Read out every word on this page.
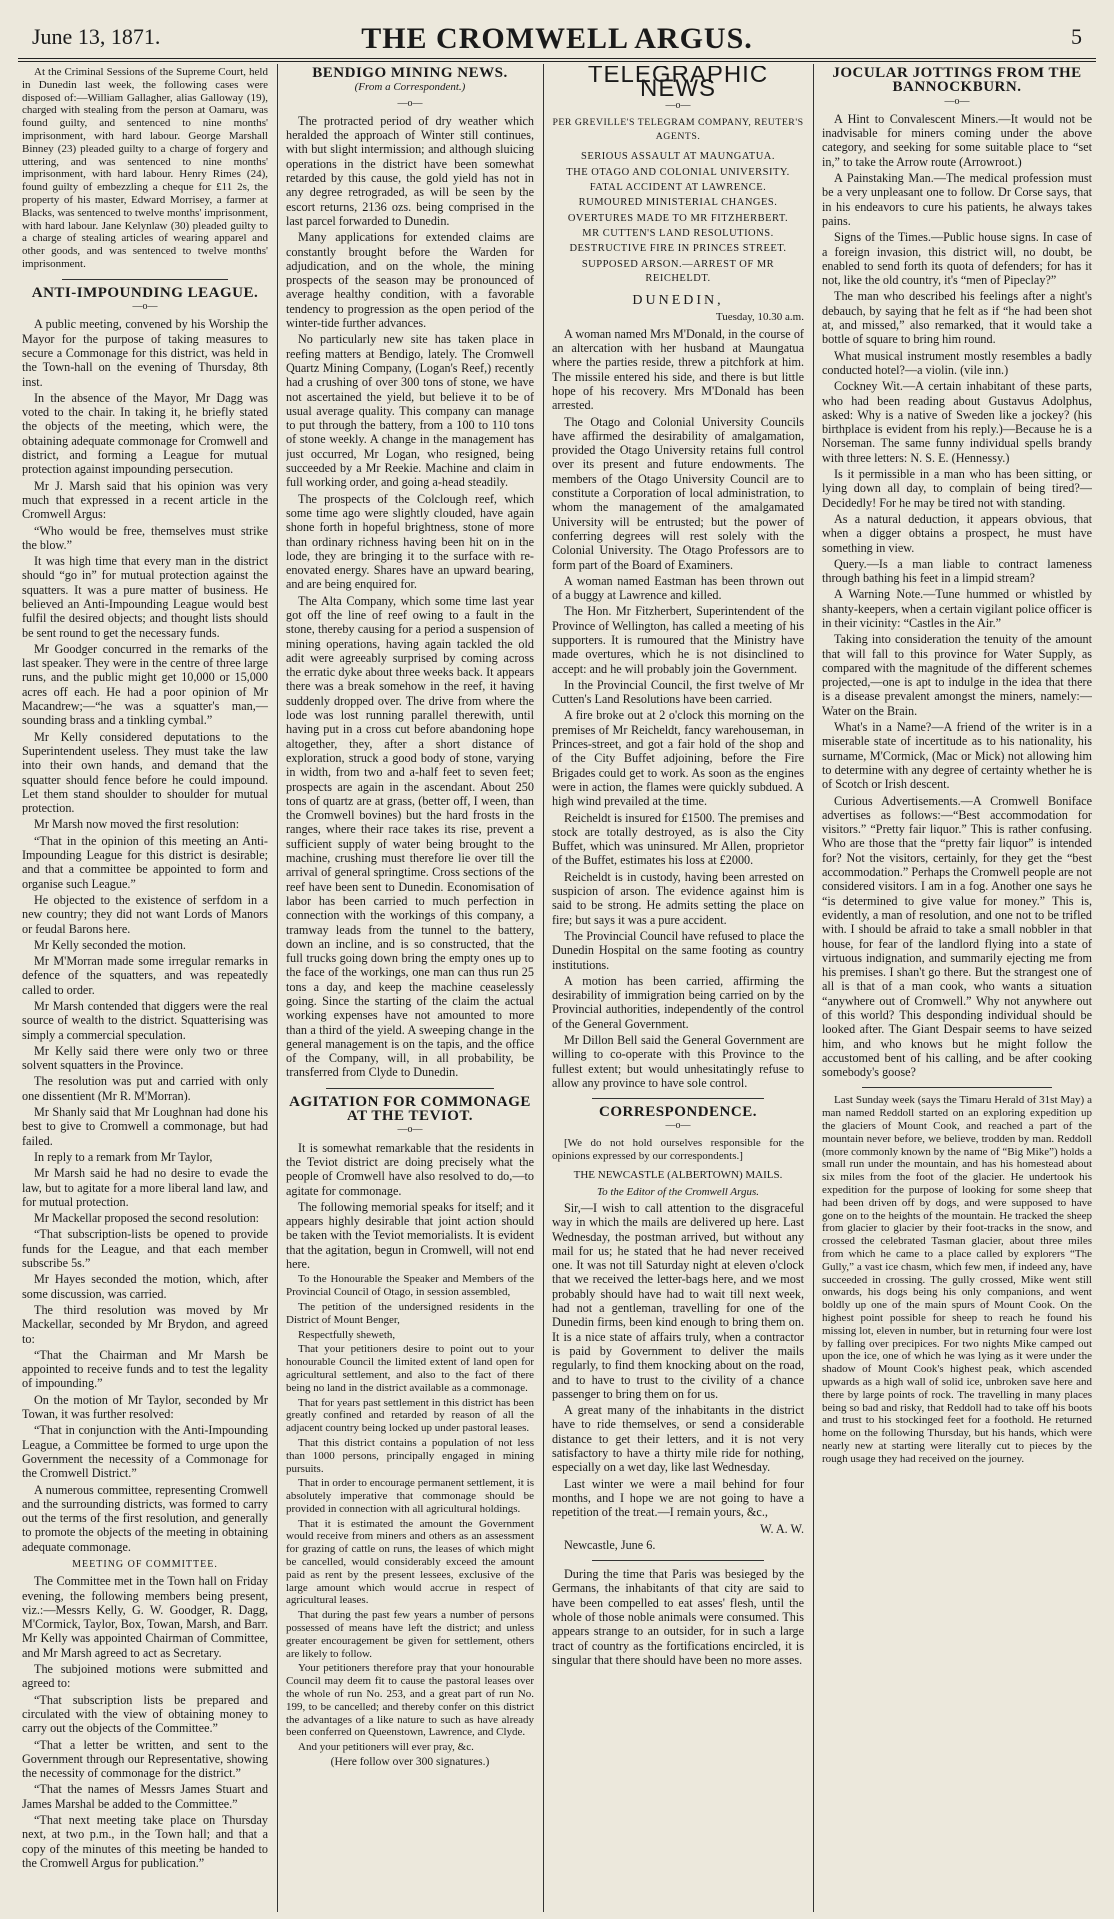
June 13, 1871.	THE CROMWELL ARGUS.	5

At the Criminal Sessions of the Supreme Court, held in Dunedin last week, the following cases were disposed of:—William Gallagher, alias Galloway (19), charged with stealing from the person at Oamaru, was found guilty, and sentenced to nine months' imprisonment, with hard labour. George Marshall Binney (23) pleaded guilty to a charge of forgery and uttering, and was sentenced to nine months' imprisonment, with hard labour. Henry Rimes (24), found guilty of embezzling a cheque for £11 2s, the property of his master, Edward Morrisey, a farmer at Blacks, was sentenced to twelve months' imprisonment, with hard labour. Jane Kelynlaw (30) pleaded guilty to a charge of stealing articles of wearing apparel and other goods, and was sentenced to twelve months' imprisonment.

ANTI-IMPOUNDING LEAGUE.

—o—

A public meeting, convened by his Worship the Mayor for the purpose of taking measures to secure a Commonage for this district, was held in the Town-hall on the evening of Thursday, 8th inst.

In the absence of the Mayor, Mr Dagg was voted to the chair. In taking it, he briefly stated the objects of the meeting, which were, the obtaining adequate commonage for Cromwell and district, and forming a League for mutual protection against impounding persecution.

Mr J. Marsh said that his opinion was very much that expressed in a recent article in the Cromwell Argus:

“Who would be free, themselves must strike the blow.”

It was high time that every man in the district should “go in” for mutual protection against the squatters. It was a pure matter of business. He believed an Anti-Impounding League would best fulfil the desired objects; and thought lists should be sent round to get the necessary funds.

Mr Goodger concurred in the remarks of the last speaker. They were in the centre of three large runs, and the public might get 10,000 or 15,000 acres off each. He had a poor opinion of Mr Macandrew;—“he was a squatter's man,—sounding brass and a tinkling cymbal.”

Mr Kelly considered deputations to the Superintendent useless. They must take the law into their own hands, and demand that the squatter should fence before he could impound. Let them stand shoulder to shoulder for mutual protection.

Mr Marsh now moved the first resolution:

“That in the opinion of this meeting an Anti-Impounding League for this district is desirable; and that a committee be appointed to form and organise such League.”

He objected to the existence of serfdom in a new country; they did not want Lords of Manors or feudal Barons here.

Mr Kelly seconded the motion.

Mr M'Morran made some irregular remarks in defence of the squatters, and was repeatedly called to order.

Mr Marsh contended that diggers were the real source of wealth to the district. Squatterising was simply a commercial speculation.

Mr Kelly said there were only two or three solvent squatters in the Province.

The resolution was put and carried with only one dissentient (Mr R. M'Morran).

Mr Shanly said that Mr Loughnan had done his best to give to Cromwell a commonage, but had failed.

In reply to a remark from Mr Taylor,

Mr Marsh said he had no desire to evade the law, but to agitate for a more liberal land law, and for mutual protection.

Mr Mackellar proposed the second resolution:

“That subscription-lists be opened to provide funds for the League, and that each member subscribe 5s.”

Mr Hayes seconded the motion, which, after some discussion, was carried.

The third resolution was moved by Mr Mackellar, seconded by Mr Brydon, and agreed to:

“That the Chairman and Mr Marsh be appointed to receive funds and to test the legality of impounding.”

On the motion of Mr Taylor, seconded by Mr Towan, it was further resolved:

“That in conjunction with the Anti-Impounding League, a Committee be formed to urge upon the Government the necessity of a Commonage for the Cromwell District.”

A numerous committee, representing Cromwell and the surrounding districts, was formed to carry out the terms of the first resolution, and generally to promote the objects of the meeting in obtaining adequate commonage.

MEETING OF COMMITTEE.

The Committee met in the Town hall on Friday evening, the following members being present, viz.:—Messrs Kelly, G. W. Goodger, R. Dagg, M'Cormick, Taylor, Box, Towan, Marsh, and Barr. Mr Kelly was appointed Chairman of Committee, and Mr Marsh agreed to act as Secretary.

The subjoined motions were submitted and agreed to:

“That subscription lists be prepared and circulated with the view of obtaining money to carry out the objects of the Committee.”

“That a letter be written, and sent to the Government through our Representative, showing the necessity of commonage for the district.”

“That the names of Messrs James Stuart and James Marshal be added to the Committee.”

“That next meeting take place on Thursday next, at two p.m., in the Town hall; and that a copy of the minutes of this meeting be handed to the Cromwell Argus for publication.”

BENDIGO MINING NEWS.

(From a Correspondent.)

—o—

The protracted period of dry weather which heralded the approach of Winter still continues, with but slight intermission; and although sluicing operations in the district have been somewhat retarded by this cause, the gold yield has not in any degree retrograded, as will be seen by the escort returns, 2136 ozs. being comprised in the last parcel forwarded to Dunedin.

Many applications for extended claims are constantly brought before the Warden for adjudication, and on the whole, the mining prospects of the season may be pronounced of average healthy condition, with a favorable tendency to progression as the open period of the winter-tide further advances.

No particularly new site has taken place in reefing matters at Bendigo, lately. The Cromwell Quartz Mining Company, (Logan's Reef,) recently had a crushing of over 300 tons of stone, we have not ascertained the yield, but believe it to be of usual average quality. This company can manage to put through the battery, from a 100 to 110 tons of stone weekly. A change in the management has just occurred, Mr Logan, who resigned, being succeeded by a Mr Reekie. Machine and claim in full working order, and going a-head steadily.

The prospects of the Colclough reef, which some time ago were slightly clouded, have again shone forth in hopeful brightness, stone of more than ordinary richness having been hit on in the lode, they are bringing it to the surface with re-enovated energy. Shares have an upward bearing, and are being enquired for.

The Alta Company, which some time last year got off the line of reef owing to a fault in the stone, thereby causing for a period a suspension of mining operations, having again tackled the old adit were agreeably surprised by coming across the erratic dyke about three weeks back. It appears there was a break somehow in the reef, it having suddenly dropped over. The drive from where the lode was lost running parallel therewith, until having put in a cross cut before abandoning hope altogether, they, after a short distance of exploration, struck a good body of stone, varying in width, from two and a-half feet to seven feet; prospects are again in the ascendant. About 250 tons of quartz are at grass, (better off, I ween, than the Cromwell bovines) but the hard frosts in the ranges, where their race takes its rise, prevent a sufficient supply of water being brought to the machine, crushing must therefore lie over till the arrival of general springtime. Cross sections of the reef have been sent to Dunedin. Economisation of labor has been carried to much perfection in connection with the workings of this company, a tramway leads from the tunnel to the battery, down an incline, and is so constructed, that the full trucks going down bring the empty ones up to the face of the workings, one man can thus run 25 tons a day, and keep the machine ceaselessly going. Since the starting of the claim the actual working expenses have not amounted to more than a third of the yield. A sweeping change in the general management is on the tapis, and the office of the Company, will, in all probability, be transferred from Clyde to Dunedin.

AGITATION FOR COMMONAGE AT THE TEVIOT.

—o—

It is somewhat remarkable that the residents in the Teviot district are doing precisely what the people of Cromwell have also resolved to do,—to agitate for commonage.

The following memorial speaks for itself; and it appears highly desirable that joint action should be taken with the Teviot memorialists. It is evident that the agitation, begun in Cromwell, will not end here.

To the Honourable the Speaker and Members of the Provincial Council of Otago, in session assembled,

The petition of the undersigned residents in the District of Mount Benger,

Respectfully sheweth,

That your petitioners desire to point out to your honourable Council the limited extent of land open for agricultural settlement, and also to the fact of there being no land in the district available as a commonage.

That for years past settlement in this district has been greatly confined and retarded by reason of all the adjacent country being locked up under pastoral leases.

That this district contains a population of not less than 1000 persons, principally engaged in mining pursuits.

That in order to encourage permanent settlement, it is absolutely imperative that commonage should be provided in connection with all agricultural holdings.

That it is estimated the amount the Government would receive from miners and others as an assessment for grazing of cattle on runs, the leases of which might be cancelled, would considerably exceed the amount paid as rent by the present lessees, exclusive of the large amount which would accrue in respect of agricultural leases.

That during the past few years a number of persons possessed of means have left the district; and unless greater encouragement be given for settlement, others are likely to follow.

Your petitioners therefore pray that your honourable Council may deem fit to cause the pastoral leases over the whole of run No. 253, and a great part of run No. 199, to be cancelled; and thereby confer on this district the advantages of a like nature to such as have already been conferred on Queenstown, Lawrence, and Clyde.

And your petitioners will ever pray, &c.

(Here follow over 300 signatures.)

TELEGRAPHIC NEWS

—o—

PER GREVILLE'S TELEGRAM COMPANY, REUTER'S AGENTS.

SERIOUS ASSAULT AT MAUNGATUA.

THE OTAGO AND COLONIAL UNIVERSITY.

FATAL ACCIDENT AT LAWRENCE.

RUMOURED MINISTERIAL CHANGES.

OVERTURES MADE TO MR FITZHERBERT.

MR CUTTEN'S LAND RESOLUTIONS.

DESTRUCTIVE FIRE IN PRINCES STREET.

SUPPOSED ARSON.—ARREST OF MR REICHELDT.

DUNEDIN,

Tuesday, 10.30 a.m.

A woman named Mrs M'Donald, in the course of an altercation with her husband at Maungatua where the parties reside, threw a pitchfork at him. The missile entered his side, and there is but little hope of his recovery. Mrs M'Donald has been arrested.

The Otago and Colonial University Councils have affirmed the desirability of amalgamation, provided the Otago University retains full control over its present and future endowments. The members of the Otago University Council are to constitute a Corporation of local administration, to whom the management of the amalgamated University will be entrusted; but the power of conferring degrees will rest solely with the Colonial University. The Otago Professors are to form part of the Board of Examiners.

A woman named Eastman has been thrown out of a buggy at Lawrence and killed.

The Hon. Mr Fitzherbert, Superintendent of the Province of Wellington, has called a meeting of his supporters. It is rumoured that the Ministry have made overtures, which he is not disinclined to accept: and he will probably join the Government.

In the Provincial Council, the first twelve of Mr Cutten's Land Resolutions have been carried.

A fire broke out at 2 o'clock this morning on the premises of Mr Reicheldt, fancy warehouseman, in Princes-street, and got a fair hold of the shop and of the City Buffet adjoining, before the Fire Brigades could get to work. As soon as the engines were in action, the flames were quickly subdued. A high wind prevailed at the time.

Reicheldt is insured for £1500. The premises and stock are totally destroyed, as is also the City Buffet, which was uninsured. Mr Allen, proprietor of the Buffet, estimates his loss at £2000.

Reicheldt is in custody, having been arrested on suspicion of arson. The evidence against him is said to be strong. He admits setting the place on fire; but says it was a pure accident.

The Provincial Council have refused to place the Dunedin Hospital on the same footing as country institutions.

A motion has been carried, affirming the desirability of immigration being carried on by the Provincial authorities, independently of the control of the General Government.

Mr Dillon Bell said the General Government are willing to co-operate with this Province to the fullest extent; but would unhesitatingly refuse to allow any province to have sole control.

CORRESPONDENCE.

—o—

[We do not hold ourselves responsible for the opinions expressed by our correspondents.]

THE NEWCASTLE (ALBERTOWN) MAILS.

To the Editor of the Cromwell Argus.

Sir,—I wish to call attention to the disgraceful way in which the mails are delivered up here. Last Wednesday, the postman arrived, but without any mail for us; he stated that he had never received one. It was not till Saturday night at eleven o'clock that we received the letter-bags here, and we most probably should have had to wait till next week, had not a gentleman, travelling for one of the Dunedin firms, been kind enough to bring them on. It is a nice state of affairs truly, when a contractor is paid by Government to deliver the mails regularly, to find them knocking about on the road, and to have to trust to the civility of a chance passenger to bring them on for us.

A great many of the inhabitants in the district have to ride themselves, or send a considerable distance to get their letters, and it is not very satisfactory to have a thirty mile ride for nothing, especially on a wet day, like last Wednesday.

Last winter we were a mail behind for four months, and I hope we are not going to have a repetition of the treat.—I remain yours, &c.,

W. A. W.

Newcastle, June 6.

During the time that Paris was besieged by the Germans, the inhabitants of that city are said to have been compelled to eat asses' flesh, until the whole of those noble animals were consumed. This appears strange to an outsider, for in such a large tract of country as the fortifications encircled, it is singular that there should have been no more asses.

JOCULAR JOTTINGS FROM THE BANNOCKBURN.

—o—

A Hint to Convalescent Miners.—It would not be inadvisable for miners coming under the above category, and seeking for some suitable place to “set in,” to take the Arrow route (Arrowroot.)

A Painstaking Man.—The medical profession must be a very unpleasant one to follow. Dr Corse says, that in his endeavors to cure his patients, he always takes pains.

Signs of the Times.—Public house signs. In case of a foreign invasion, this district will, no doubt, be enabled to send forth its quota of defenders; for has it not, like the old country, it's “men of Pipeclay?”

The man who described his feelings after a night's debauch, by saying that he felt as if “he had been shot at, and missed,” also remarked, that it would take a bottle of square to bring him round.

What musical instrument mostly resembles a badly conducted hotel?—a violin. (vile inn.)

Cockney Wit.—A certain inhabitant of these parts, who had been reading about Gustavus Adolphus, asked: Why is a native of Sweden like a jockey? (his birthplace is evident from his reply.)—Because he is a Norseman. The same funny individual spells brandy with three letters: N. S. E. (Hennessy.)

Is it permissible in a man who has been sitting, or lying down all day, to complain of being tired?—Decidedly! For he may be tired not with standing.

As a natural deduction, it appears obvious, that when a digger obtains a prospect, he must have something in view.

Query.—Is a man liable to contract lameness through bathing his feet in a limpid stream?

A Warning Note.—Tune hummed or whistled by shanty-keepers, when a certain vigilant police officer is in their vicinity: “Castles in the Air.”

Taking into consideration the tenuity of the amount that will fall to this province for Water Supply, as compared with the magnitude of the different schemes projected,—one is apt to indulge in the idea that there is a disease prevalent amongst the miners, namely:—Water on the Brain.

What's in a Name?—A friend of the writer is in a miserable state of incertitude as to his nationality, his surname, M'Cormick, (Mac or Mick) not allowing him to determine with any degree of certainty whether he is of Scotch or Irish descent.

Curious Advertisements.—A Cromwell Boniface advertises as follows:—“Best accommodation for visitors.” “Pretty fair liquor.” This is rather confusing. Who are those that the “pretty fair liquor” is intended for? Not the visitors, certainly, for they get the “best accommodation.” Perhaps the Cromwell people are not considered visitors. I am in a fog. Another one says he “is determined to give value for money.” This is, evidently, a man of resolution, and one not to be trifled with. I should be afraid to take a small nobbler in that house, for fear of the landlord flying into a state of virtuous indignation, and summarily ejecting me from his premises. I shan't go there. But the strangest one of all is that of a man cook, who wants a situation “anywhere out of Cromwell.” Why not anywhere out of this world? This desponding individual should be looked after. The Giant Despair seems to have seized him, and who knows but he might follow the accustomed bent of his calling, and be after cooking somebody's goose?

Last Sunday week (says the Timaru Herald of 31st May) a man named Reddoll started on an exploring expedition up the glaciers of Mount Cook, and reached a part of the mountain never before, we believe, trodden by man. Reddoll (more commonly known by the name of “Big Mike”) holds a small run under the mountain, and has his homestead about six miles from the foot of the glacier. He undertook his expedition for the purpose of looking for some sheep that had been driven off by dogs, and were supposed to have gone on to the heights of the mountain. He tracked the sheep from glacier to glacier by their foot-tracks in the snow, and crossed the celebrated Tasman glacier, about three miles from which he came to a place called by explorers “The Gully,” a vast ice chasm, which few men, if indeed any, have succeeded in crossing. The gully crossed, Mike went still onwards, his dogs being his only companions, and went boldly up one of the main spurs of Mount Cook. On the highest point possible for sheep to reach he found his missing lot, eleven in number, but in returning four were lost by falling over precipices. For two nights Mike camped out upon the ice, one of which he was lying as it were under the shadow of Mount Cook's highest peak, which ascended upwards as a high wall of solid ice, unbroken save here and there by large points of rock. The travelling in many places being so bad and risky, that Reddoll had to take off his boots and trust to his stockinged feet for a foothold. He returned home on the following Thursday, but his hands, which were nearly new at starting were literally cut to pieces by the rough usage they had received on the journey.
